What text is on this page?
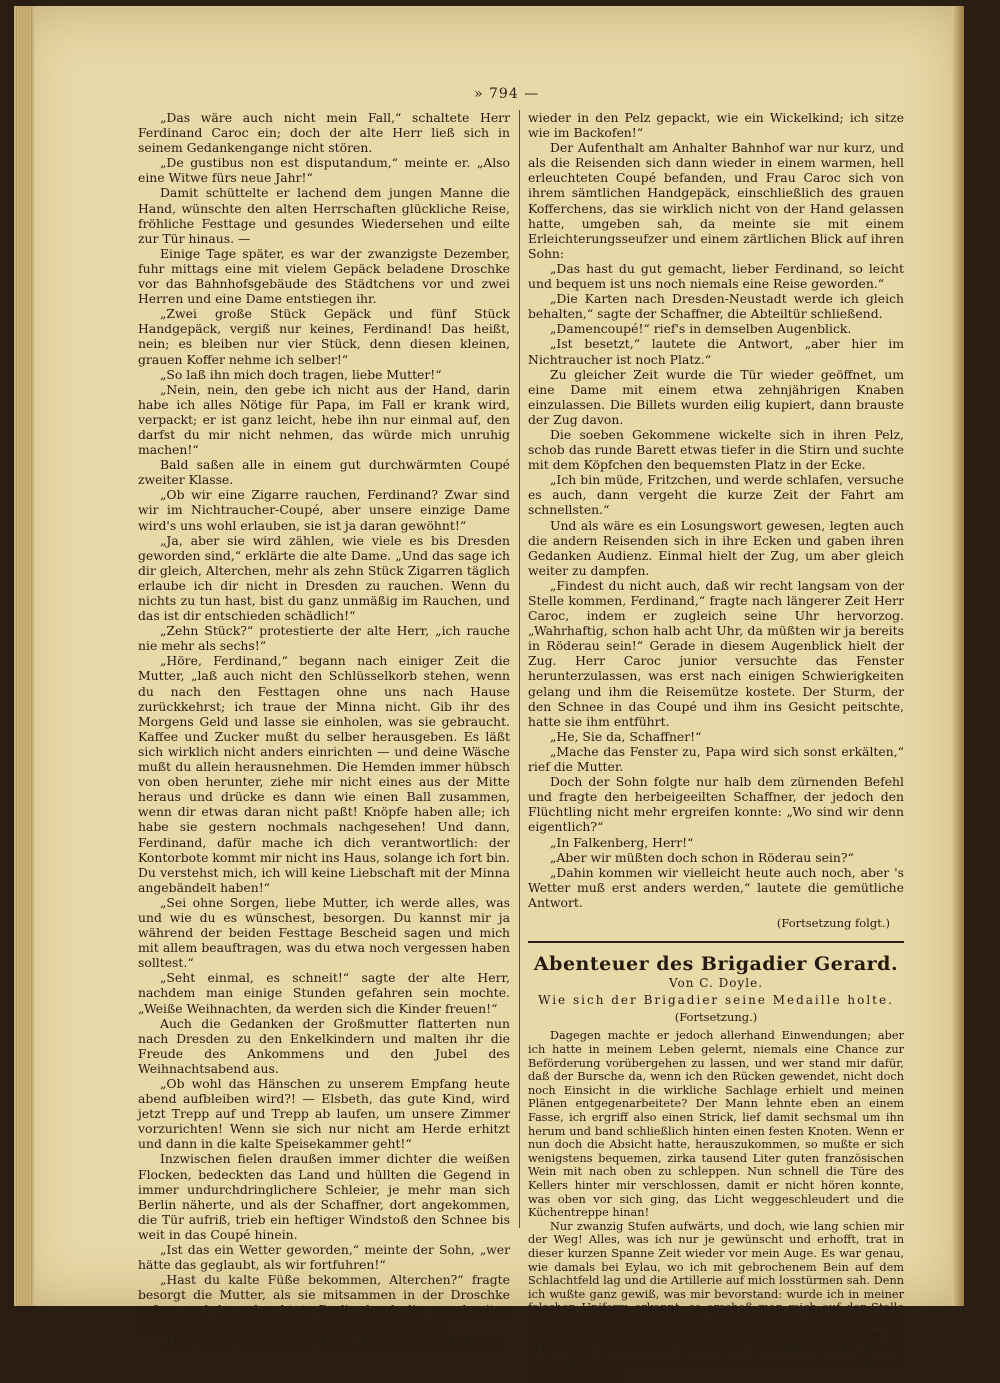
» 794 —

„Das wäre auch nicht mein Fall,“ schaltete Herr Ferdinand Caroc ein; doch der alte Herr ließ sich in seinem Gedankengange nicht stören.

„De gustibus non est disputandum,“ meinte er. „Also eine Witwe fürs neue Jahr!“

Damit schüttelte er lachend dem jungen Manne die Hand, wünschte den alten Herrschaften glückliche Reise, fröhliche Festtage und gesundes Wiedersehen und eilte zur Tür hinaus. —

Einige Tage später, es war der zwanzigste Dezember, fuhr mittags eine mit vielem Gepäck beladene Droschke vor das Bahnhofsgebäude des Städtchens vor und zwei Herren und eine Dame entstiegen ihr.

„Zwei große Stück Gepäck und fünf Stück Handgepäck, vergiß nur keines, Ferdinand! Das heißt, nein; es bleiben nur vier Stück, denn diesen kleinen, grauen Koffer nehme ich selber!“

„So laß ihn mich doch tragen, liebe Mutter!“

„Nein, nein, den gebe ich nicht aus der Hand, darin habe ich alles Nötige für Papa, im Fall er krank wird, verpackt; er ist ganz leicht, hebe ihn nur einmal auf, den darfst du mir nicht nehmen, das würde mich unruhig machen!“

Bald saßen alle in einem gut durchwärmten Coupé zweiter Klasse.

„Ob wir eine Zigarre rauchen, Ferdinand? Zwar sind wir im Nichtraucher-Coupé, aber unsere einzige Dame wird's uns wohl erlauben, sie ist ja daran gewöhnt!“

„Ja, aber sie wird zählen, wie viele es bis Dresden geworden sind,“ erklärte die alte Dame. „Und das sage ich dir gleich, Alterchen, mehr als zehn Stück Zigarren täglich erlaube ich dir nicht in Dresden zu rauchen. Wenn du nichts zu tun hast, bist du ganz unmäßig im Rauchen, und das ist dir entschieden schädlich!“

„Zehn Stück?“ protestierte der alte Herr, „ich rauche nie mehr als sechs!“

„Höre, Ferdinand,“ begann nach einiger Zeit die Mutter, „laß auch nicht den Schlüsselkorb stehen, wenn du nach den Festtagen ohne uns nach Hause zurückkehrst; ich traue der Minna nicht. Gib ihr des Morgens Geld und lasse sie einholen, was sie gebraucht. Kaffee und Zucker mußt du selber herausgeben. Es läßt sich wirklich nicht anders einrichten — und deine Wäsche mußt du allein herausnehmen. Die Hemden immer hübsch von oben herunter, ziehe mir nicht eines aus der Mitte heraus und drücke es dann wie einen Ball zusammen, wenn dir etwas daran nicht paßt! Knöpfe haben alle; ich habe sie gestern nochmals nachgesehen! Und dann, Ferdinand, dafür mache ich dich verantwortlich: der Kontorbote kommt mir nicht ins Haus, solange ich fort bin. Du verstehst mich, ich will keine Liebschaft mit der Minna angebändelt haben!“

„Sei ohne Sorgen, liebe Mutter, ich werde alles, was und wie du es wünschest, besorgen. Du kannst mir ja während der beiden Festtage Bescheid sagen und mich mit allem beauftragen, was du etwa noch vergessen haben solltest.“

„Seht einmal, es schneit!“ sagte der alte Herr, nachdem man einige Stunden gefahren sein mochte. „Weiße Weihnachten, da werden sich die Kinder freuen!“

Auch die Gedanken der Großmutter flatterten nun nach Dresden zu den Enkelkindern und malten ihr die Freude des Ankommens und den Jubel des Weihnachtsabend aus.

„Ob wohl das Hänschen zu unserem Empfang heute abend aufbleiben wird?! — Elsbeth, das gute Kind, wird jetzt Trepp auf und Trepp ab laufen, um unsere Zimmer vorzurichten! Wenn sie sich nur nicht am Herde erhitzt und dann in die kalte Speisekammer geht!“

Inzwischen fielen draußen immer dichter die weißen Flocken, bedeckten das Land und hüllten die Gegend in immer undurchdringlichere Schleier, je mehr man sich Berlin näherte, und als der Schaffner, dort angekommen, die Tür aufriß, trieb ein heftiger Windstoß den Schnee bis weit in das Coupé hinein.

„Ist das ein Wetter geworden,“ meinte der Sohn, „wer hätte das geglaubt, als wir fortfuhren!“

„Hast du kalte Füße bekommen, Alterchen?“ fragte besorgt die Mutter, als sie mitsammen in der Droschke saßen, und das erleuchtete Berlin durch die verschneiten Wagenfenster schattenhaft an ihnen vorüberflog.

„Das wäre,“ rief der alte Herr, „du hast mich ja gleich

wieder in den Pelz gepackt, wie ein Wickelkind; ich sitze wie im Backofen!“

Der Aufenthalt am Anhalter Bahnhof war nur kurz, und als die Reisenden sich dann wieder in einem warmen, hell erleuchteten Coupé befanden, und Frau Caroc sich von ihrem sämtlichen Handgepäck, einschließlich des grauen Kofferchens, das sie wirklich nicht von der Hand gelassen hatte, umgeben sah, da meinte sie mit einem Erleichterungsseufzer und einem zärtlichen Blick auf ihren Sohn:

„Das hast du gut gemacht, lieber Ferdinand, so leicht und bequem ist uns noch niemals eine Reise geworden.“

„Die Karten nach Dresden-Neustadt werde ich gleich behalten,“ sagte der Schaffner, die Abteiltür schließend.

„Damencoupé!“ rief's in demselben Augenblick.

„Ist besetzt,“ lautete die Antwort, „aber hier im Nichtraucher ist noch Platz.“

Zu gleicher Zeit wurde die Tür wieder geöffnet, um eine Dame mit einem etwa zehnjährigen Knaben einzulassen. Die Billets wurden eilig kupiert, dann brauste der Zug davon.

Die soeben Gekommene wickelte sich in ihren Pelz, schob das runde Barett etwas tiefer in die Stirn und suchte mit dem Köpfchen den bequemsten Platz in der Ecke.

„Ich bin müde, Fritzchen, und werde schlafen, versuche es auch, dann vergeht die kurze Zeit der Fahrt am schnellsten.“

Und als wäre es ein Losungswort gewesen, legten auch die andern Reisenden sich in ihre Ecken und gaben ihren Gedanken Audienz. Einmal hielt der Zug, um aber gleich weiter zu dampfen.

„Findest du nicht auch, daß wir recht langsam von der Stelle kommen, Ferdinand,“ fragte nach längerer Zeit Herr Caroc, indem er zugleich seine Uhr hervorzog. „Wahrhaftig, schon halb acht Uhr, da müßten wir ja bereits in Röderau sein!“ Gerade in diesem Augenblick hielt der Zug. Herr Caroc junior versuchte das Fenster herunterzulassen, was erst nach einigen Schwierigkeiten gelang und ihm die Reisemütze kostete. Der Sturm, der den Schnee in das Coupé und ihm ins Gesicht peitschte, hatte sie ihm entführt.

„He, Sie da, Schaffner!“

„Mache das Fenster zu, Papa wird sich sonst erkälten,“ rief die Mutter.

Doch der Sohn folgte nur halb dem zürnenden Befehl und fragte den herbeigeeilten Schaffner, der jedoch den Flüchtling nicht mehr ergreifen konnte: „Wo sind wir denn eigentlich?“

„In Falkenberg, Herr!“

„Aber wir müßten doch schon in Röderau sein?“

„Dahin kommen wir vielleicht heute auch noch, aber 's Wetter muß erst anders werden,“ lautete die gemütliche Antwort.

(Fortsetzung folgt.)
Abenteuer des Brigadier Gerard.
Von C. Doyle.
Wie sich der Brigadier seine Medaille holte.
(Fortsetzung.)

Dagegen machte er jedoch allerhand Einwendungen; aber ich hatte in meinem Leben gelernt, niemals eine Chance zur Beförderung vorübergehen zu lassen, und wer stand mir dafür, daß der Bursche da, wenn ich den Rücken gewendet, nicht doch noch Einsicht in die wirkliche Sachlage erhielt und meinen Plänen entgegenarbeitete? Der Mann lehnte eben an einem Fasse, ich ergriff also einen Strick, lief damit sechsmal um ihn herum und band schließlich hinten einen festen Knoten. Wenn er nun doch die Absicht hatte, herauszukommen, so mußte er sich wenigstens bequemen, zirka tausend Liter guten französischen Wein mit nach oben zu schleppen. Nun schnell die Türe des Kellers hinter mir verschlossen, damit er nicht hören konnte, was oben vor sich ging, das Licht weggeschleudert und die Küchentreppe hinan!

Nur zwanzig Stufen aufwärts, und doch, wie lang schien mir der Weg! Alles, was ich nur je gewünscht und erhofft, trat in dieser kurzen Spanne Zeit wieder vor mein Auge. Es war genau, wie damals bei Eylau, wo ich mit gebrochenem Bein auf dem Schlachtfeld lag und die Artillerie auf mich losstürmen sah. Denn ich wußte ganz gewiß, was mir bevorstand: wurde ich in meiner falschen Uniform erkannt, so erschoß man mich auf der Stelle als Spion. Und dennoch! Welch ruhmvoller Tod, ein Tod direkt im Dienste meines Kaisers! Das warf sicherlich fünf Zeilen im „Moniteur“ für mich ab, wenn nicht gar sieben! Hatte Palarat doch acht bekommen, und seine Karriere war nicht so glänzend wie die meinige.
